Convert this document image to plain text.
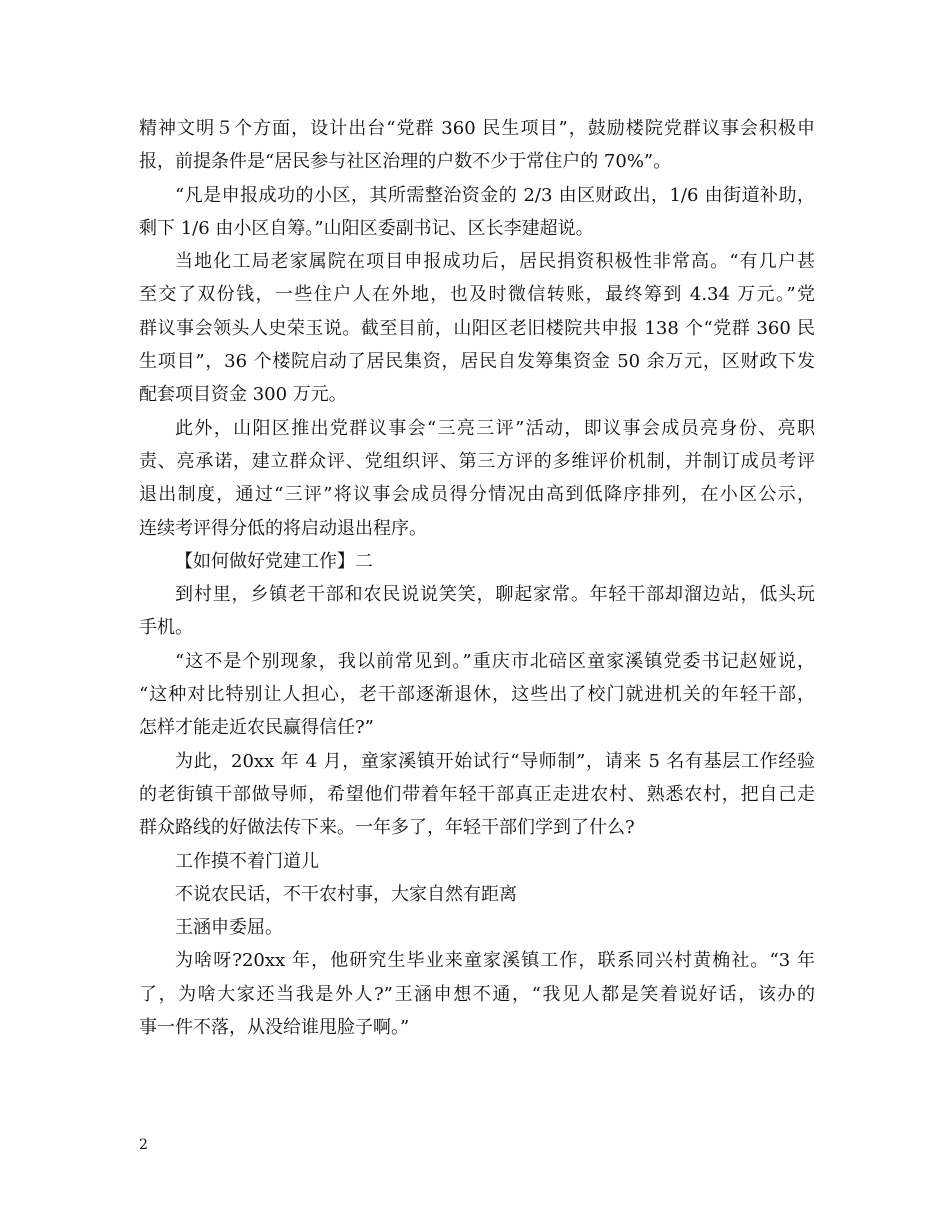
精神文明５个方面，设计出台“党群 360 民生项目”，鼓励楼院党群议事会积极申
报，前提条件是“居民参与社区治理的户数不少于常住户的 70%”。
“凡是申报成功的小区，其所需整治资金的 2/3 由区财政出，1/6 由街道补助，
剩下 1/6 由小区自筹。”山阳区委副书记、区长李建超说。
当地化工局老家属院在项目申报成功后，居民捐资积极性非常高。“有几户甚
至交了双份钱，一些住户人在外地，也及时微信转账，最终筹到 4.34 万元。”党
群议事会领头人史荣玉说。截至目前，山阳区老旧楼院共申报 138 个“党群 360 民
生项目”，36 个楼院启动了居民集资，居民自发筹集资金 50 余万元，区财政下发
配套项目资金 300 万元。
此外，山阳区推出党群议事会“三亮三评”活动，即议事会成员亮身份、亮职
责、亮承诺，建立群众评、党组织评、第三方评的多维评价机制，并制订成员考评
退出制度，通过“三评”将议事会成员得分情况由高到低降序排列，在小区公示，
连续考评得分低的将启动退出程序。
【如何做好党建工作】二
到村里，乡镇老干部和农民说说笑笑，聊起家常。年轻干部却溜边站，低头玩
手机。
“这不是个别现象，我以前常见到。”重庆市北碚区童家溪镇党委书记赵娅说，
“这种对比特别让人担心，老干部逐渐退休，这些出了校门就进机关的年轻干部，
怎样才能走近农民赢得信任?”
为此，20xx 年 4 月，童家溪镇开始试行“导师制”，请来 5 名有基层工作经验
的老街镇干部做导师，希望他们带着年轻干部真正走进农村、熟悉农村，把自己走
群众路线的好做法传下来。一年多了，年轻干部们学到了什么?
工作摸不着门道儿
不说农民话，不干农村事，大家自然有距离
王涵申委屈。
为啥呀?20xx 年，他研究生毕业来童家溪镇工作，联系同兴村黄桷社。“3 年
了，为啥大家还当我是外人?”王涵申想不通，“我见人都是笑着说好话，该办的
事一件不落，从没给谁甩脸子啊。”
2
